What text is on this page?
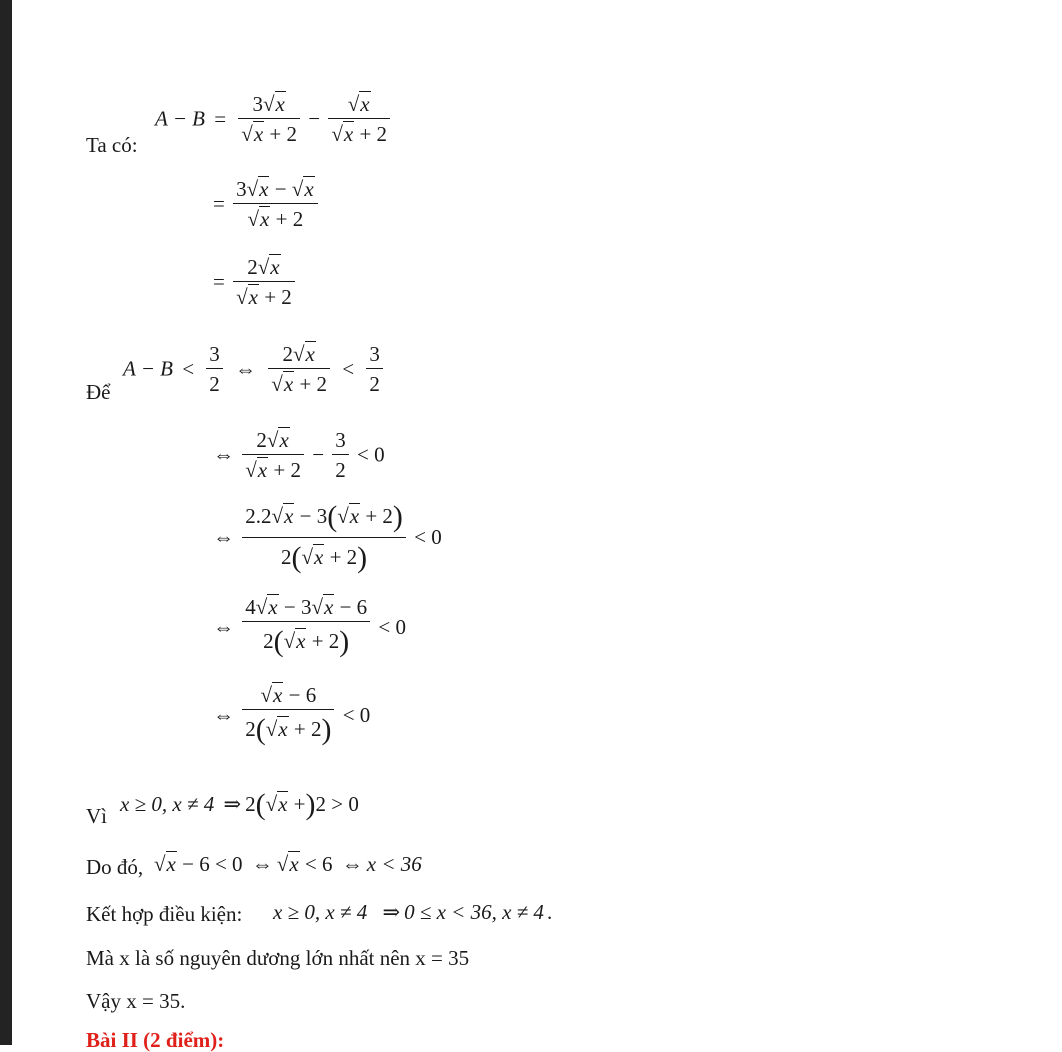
Ta có:
$A - B = \frac{3√x}{√x + 2} - \frac{√x}{√x + 2}$
= $\frac{3√x - √x}{√x + 2}$
= $\frac{2√x}{√x + 2}$
Để
$A - B < \frac{3}{2}$ ⇔ $\frac{2√x}{√x + 2} < \frac{3}{2}$
⇔ $\frac{2√x}{√x + 2} - \frac{3}{2} < 0$
⇔ $\frac{2.2√x - 3(√x + 2)}{2(√x + 2)} < 0$
⇔ $\frac{4√x - 3√x - 6}{2(√x + 2)} < 0$
⇔ $\frac{√x - 6}{2(√x + 2)} < 0$
Vì x ≥ 0, x ≠ 4 ⇒ 2(√x +)2 > 0
Do đó, √x − 6 < 0 ⇔ √x < 6 ⇔ x < 36
Kết hợp điều kiện: x ≥ 0, x ≠ 4 ⇒ 0 ≤ x < 36, x ≠ 4 .
Mà x là số nguyên dương lớn nhất nên x = 35
Vậy x = 35.
Bài II (2 điểm):
